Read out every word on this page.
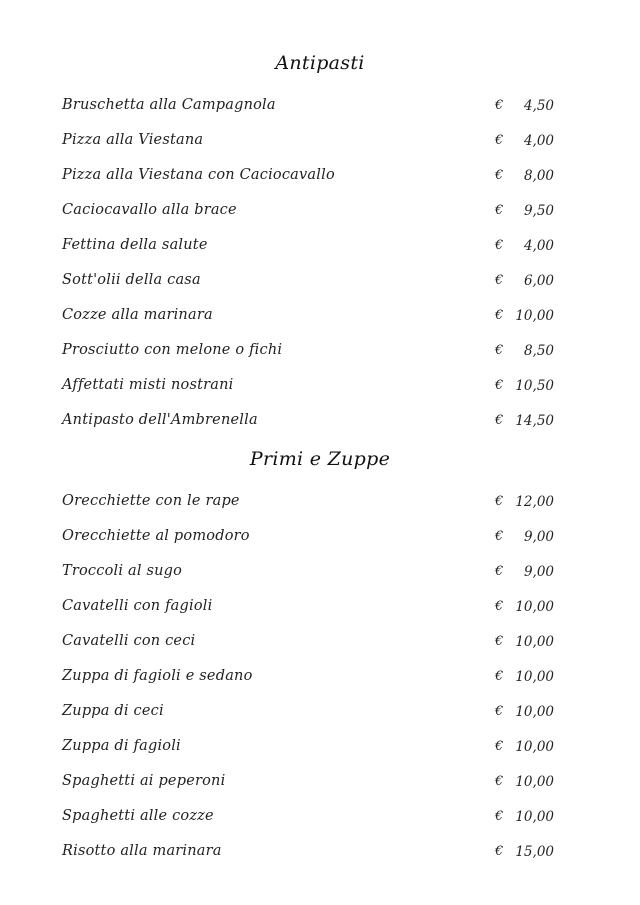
Antipasti
Bruschetta alla Campagnola	€ 4,50
Pizza alla Viestana	€ 4,00
Pizza alla Viestana con Caciocavallo	€ 8,00
Caciocavallo alla brace	€ 9,50
Fettina della salute	€ 4,00
Sott'olii della casa	€ 6,00
Cozze alla marinara	€ 10,00
Prosciutto con melone o fichi	€ 8,50
Affettati misti nostrani	€ 10,50
Antipasto dell'Ambrenella	€ 14,50
Primi e Zuppe
Orecchiette con le rape	€ 12,00
Orecchiette al pomodoro	€ 9,00
Troccoli al sugo	€ 9,00
Cavatelli con fagioli	€ 10,00
Cavatelli con ceci	€ 10,00
Zuppa di fagioli e sedano	€ 10,00
Zuppa di ceci	€ 10,00
Zuppa di fagioli	€ 10,00
Spaghetti ai peperoni	€ 10,00
Spaghetti alle cozze	€ 10,00
Risotto alla marinara	€ 15,00
